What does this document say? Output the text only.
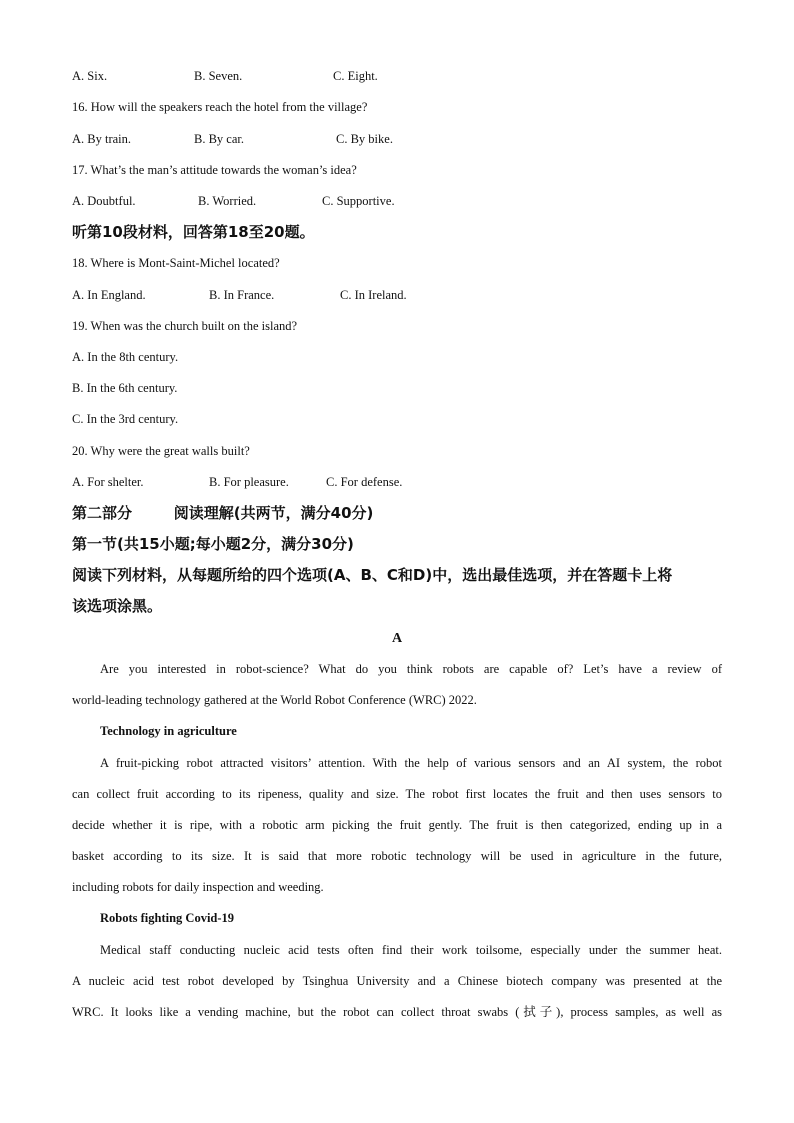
A. Six.	B. Seven.	C. Eight.
16. How will the speakers reach the hotel from the village?
A. By train.	B. By car.	C. By bike.
17. What’s the man’s attitude towards the woman’s idea?
A. Doubtful.	B. Worried.	C. Supportive.
听第10段材料，回答第18至20题。
18. Where is Mont-Saint-Michel located?
A. In England.	B. In France.	C. In Ireland.
19. When was the church built on the island?
A. In the 8th century.
B. In the 6th century.
C. In the 3rd century.
20. Why were the great walls built?
A. For shelter.	B. For pleasure.	C. For defense.
第二部分        阅读理解(共两节，满分40分)
第一节(共15小题;每小题2分，满分30分)
阅读下列材料，从每题所给的四个选项(A、B、C和D)中，选出最佳选项，并在答题卡上将
该选项涂黑。
A
Are  you  interested  in  robot-science?  What  do  you  think  robots  are  capable  of?  Let’s  have  a  review  of
world-leading technology gathered at the World Robot Conference (WRC) 2022.
Technology in agriculture
A fruit-picking robot attracted visitors’ attention. With the help of various sensors and an AI system, the robot
can collect fruit according to its ripeness, quality and size. The robot first locates the fruit and then uses sensors to
decide whether it is ripe, with a robotic arm picking the fruit gently. The fruit is then categorized, ending up in a
basket according to its size. It is said that more robotic technology will be used in agriculture in the future,
including robots for daily inspection and weeding.
Robots fighting Covid-19
Medical staff conducting nucleic acid tests often find their work toilsome, especially under the summer heat.
A nucleic acid test robot developed by Tsinghua University and a Chinese biotech company was presented at the
WRC. It looks like a vending machine, but the robot can collect throat swabs (拭子), process samples, as well as
